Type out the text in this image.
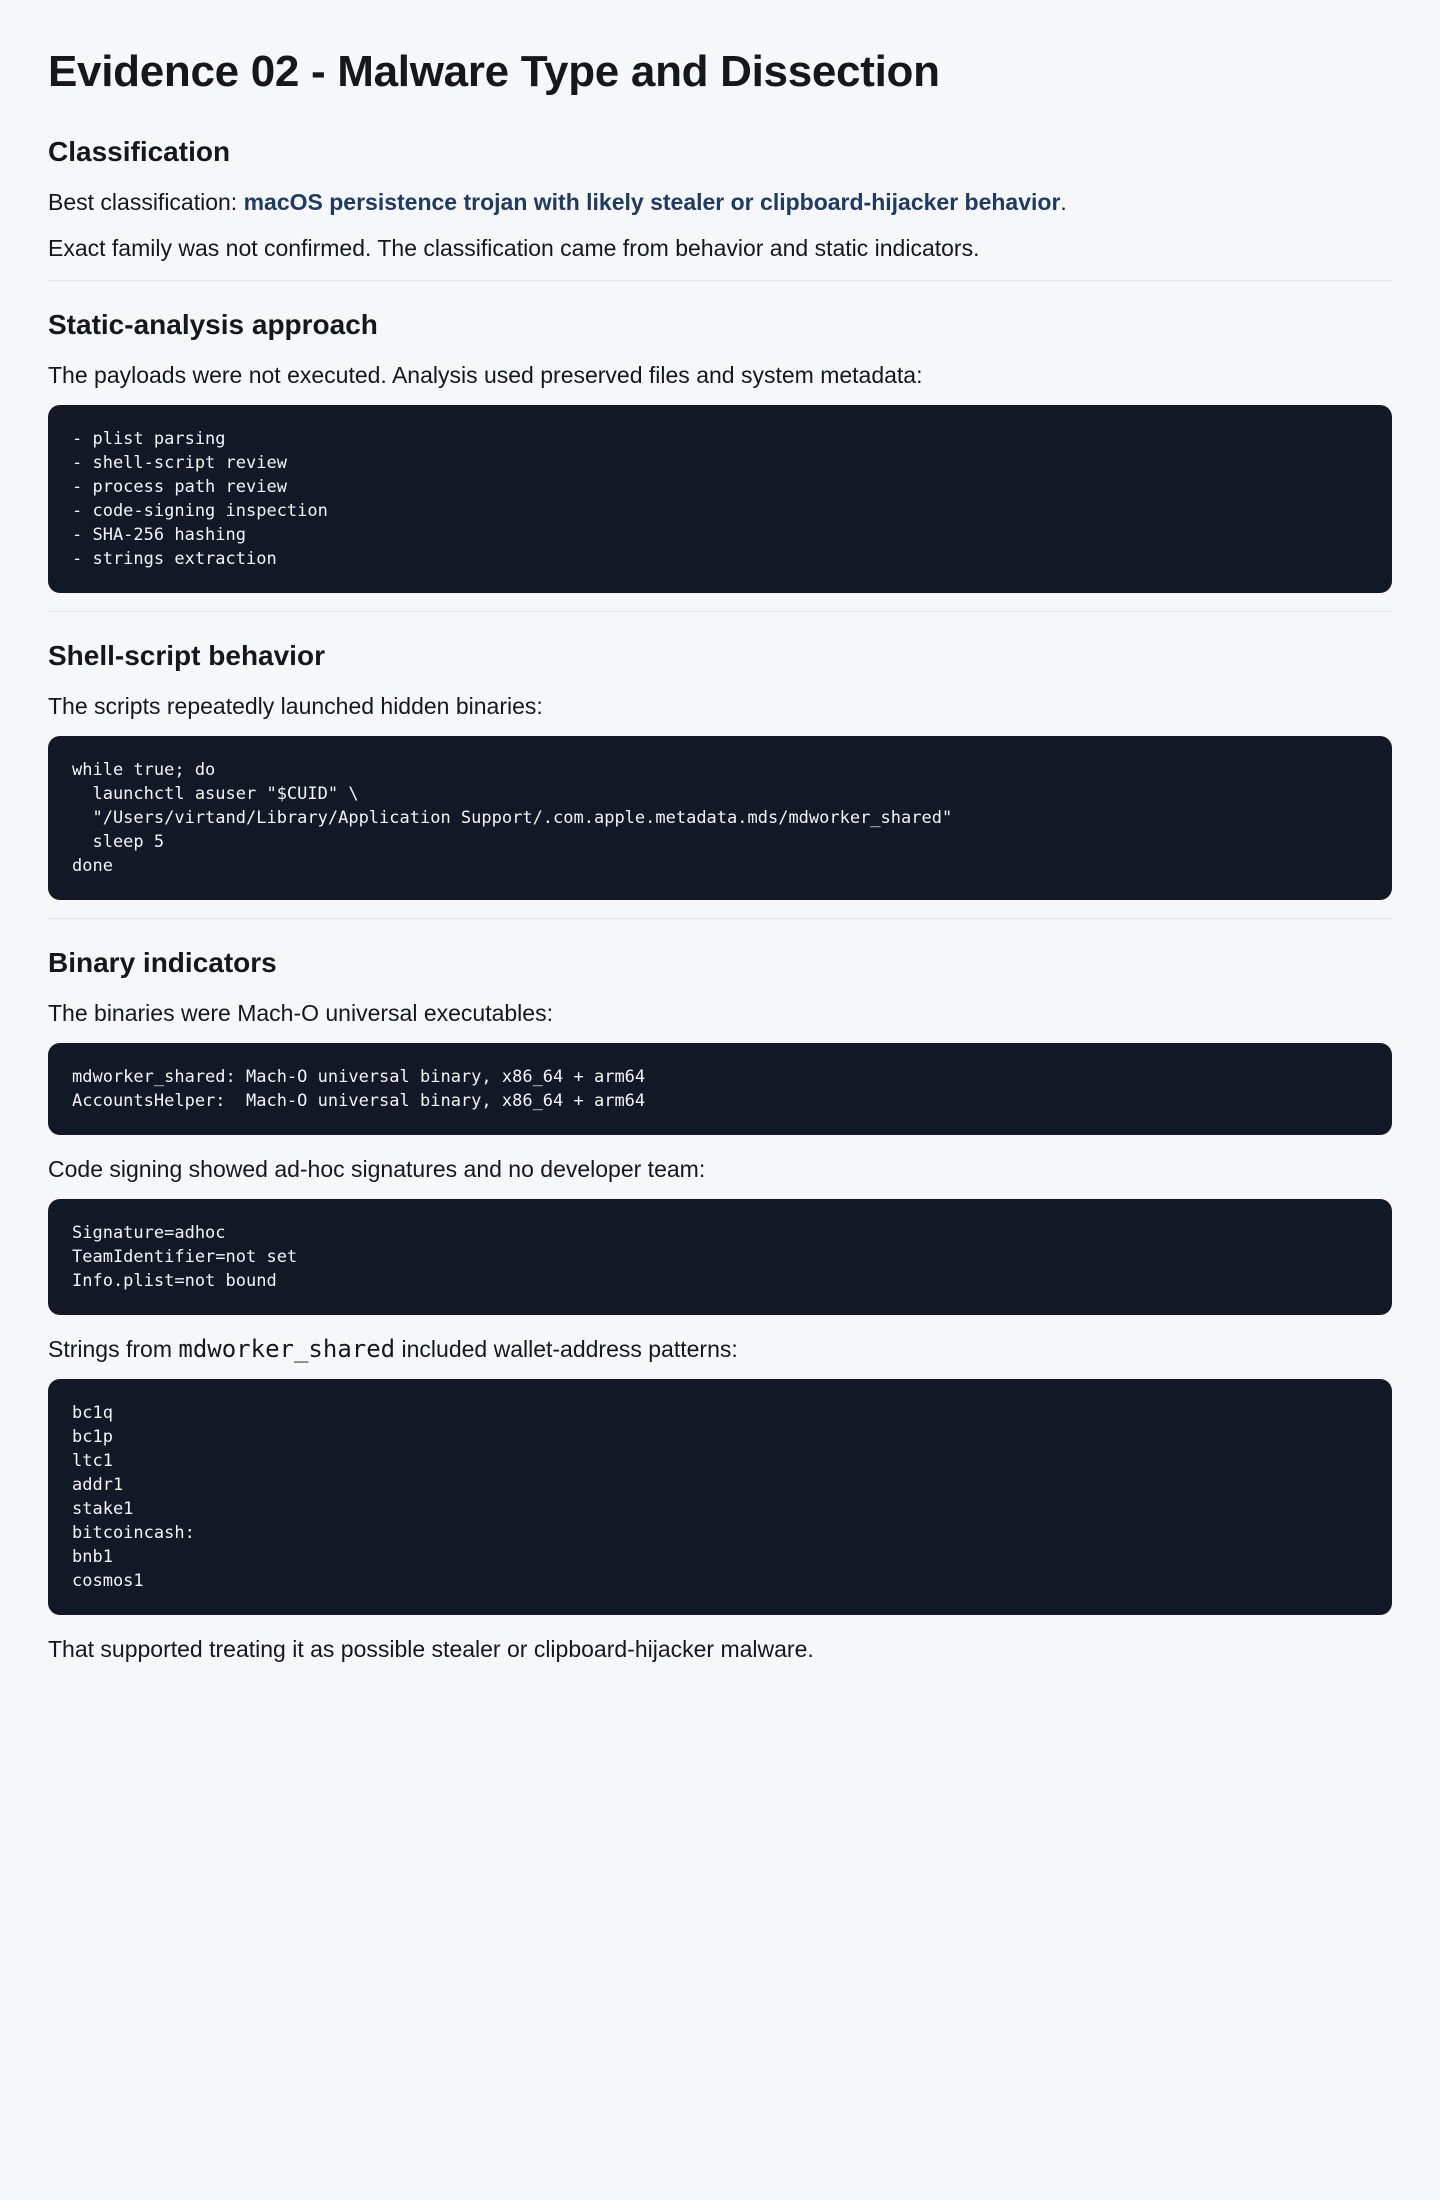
Evidence 02 - Malware Type and Dissection
Classification

Best classification: macOS persistence trojan with likely stealer or clipboard-hijacker behavior.

Exact family was not confirmed. The classification came from behavior and static indicators.

Static-analysis approach

The payloads were not executed. Analysis used preserved files and system metadata:

- plist parsing
- shell-script review
- process path review
- code-signing inspection
- SHA-256 hashing
- strings extraction
Shell-script behavior

The scripts repeatedly launched hidden binaries:

while true; do
launchctl asuser "$CUID" \
"/Users/virtand/Library/Application Support/.com.apple.metadata.mds/mdworker_shared"
sleep 5
done
Binary indicators

The binaries were Mach-O universal executables:

mdworker_shared: Mach-O universal binary, x86_64 + arm64
AccountsHelper:  Mach-O universal binary, x86_64 + arm64

Code signing showed ad-hoc signatures and no developer team:

Signature=adhoc
TeamIdentifier=not set
Info.plist=not bound

Strings from mdworker_shared included wallet-address patterns:

bc1q
bc1p
ltc1
addr1
stake1
bitcoincash:
bnb1
cosmos1

That supported treating it as possible stealer or clipboard-hijacker malware.
